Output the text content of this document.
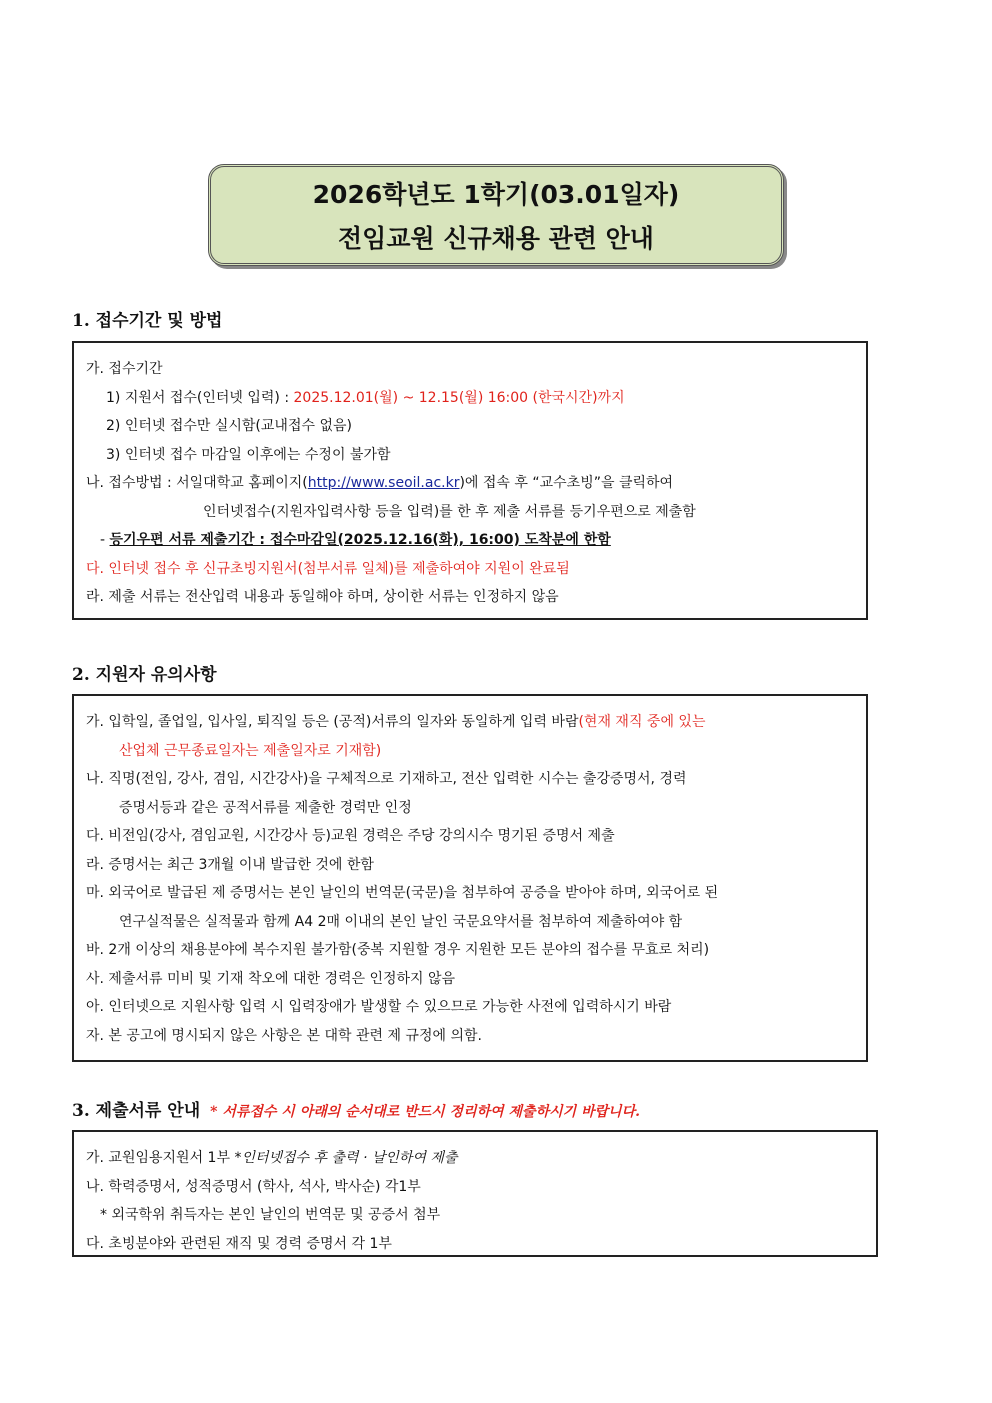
2026학년도 1학기(03.01일자)
전임교원 신규채용 관련 안내
1. 접수기간 및 방법
가. 접수기간
1) 지원서 접수(인터넷 입력) : 2025.12.01(월) ~ 12.15(월) 16:00 (한국시간)까지
2) 인터넷 접수만 실시함(교내접수 없음)
3) 인터넷 접수 마감일 이후에는 수정이 불가함
나. 접수방법 : 서일대학교 홈페이지(http://www.seoil.ac.kr)에 접속 후 “교수초빙”을 클릭하여
인터넷접수(지원자입력사항 등을 입력)를 한 후 제출 서류를 등기우편으로 제출함
- 등기우편 서류 제출기간 : 접수마감일(2025.12.16(화), 16:00) 도착분에 한함
다. 인터넷 접수 후 신규초빙지원서(첨부서류 일체)를 제출하여야 지원이 완료됨
라. 제출 서류는 전산입력 내용과 동일해야 하며, 상이한 서류는 인정하지 않음
2. 지원자 유의사항
가. 입학일, 졸업일, 입사일, 퇴직일 등은 (공적)서류의 일자와 동일하게 입력 바람(현재 재직 중에 있는
산업체 근무종료일자는 제출일자로 기재함)
나. 직명(전임, 강사, 겸임, 시간강사)을 구체적으로 기재하고, 전산 입력한 시수는 출강증명서, 경력
증명서등과 같은 공적서류를 제출한 경력만 인정
다. 비전임(강사, 겸임교원, 시간강사 등)교원 경력은 주당 강의시수 명기된 증명서 제출
라. 증명서는 최근 3개월 이내 발급한 것에 한함
마. 외국어로 발급된 제 증명서는 본인 날인의 번역문(국문)을 첨부하여 공증을 받아야 하며, 외국어로 된
연구실적물은 실적물과 함께 A4 2매 이내의 본인 날인 국문요약서를 첨부하여 제출하여야 함
바. 2개 이상의 채용분야에 복수지원 불가함(중복 지원할 경우 지원한 모든 분야의 접수를 무효로 처리)
사. 제출서류 미비 및 기재 착오에 대한 경력은 인정하지 않음
아. 인터넷으로 지원사항 입력 시 입력장애가 발생할 수 있으므로 가능한 사전에 입력하시기 바람
자. 본 공고에 명시되지 않은 사항은 본 대학 관련 제 규정에 의함.
3. 제출서류 안내 * 서류접수 시 아래의 순서대로 반드시 정리하여 제출하시기 바랍니다.
가. 교원임용지원서 1부 *인터넷접수 후 출력 · 날인하여 제출
나. 학력증명서, 성적증명서 (학사, 석사, 박사순) 각1부
* 외국학위 취득자는 본인 날인의 번역문 및 공증서 첨부
다. 초빙분야와 관련된 재직 및 경력 증명서 각 1부
